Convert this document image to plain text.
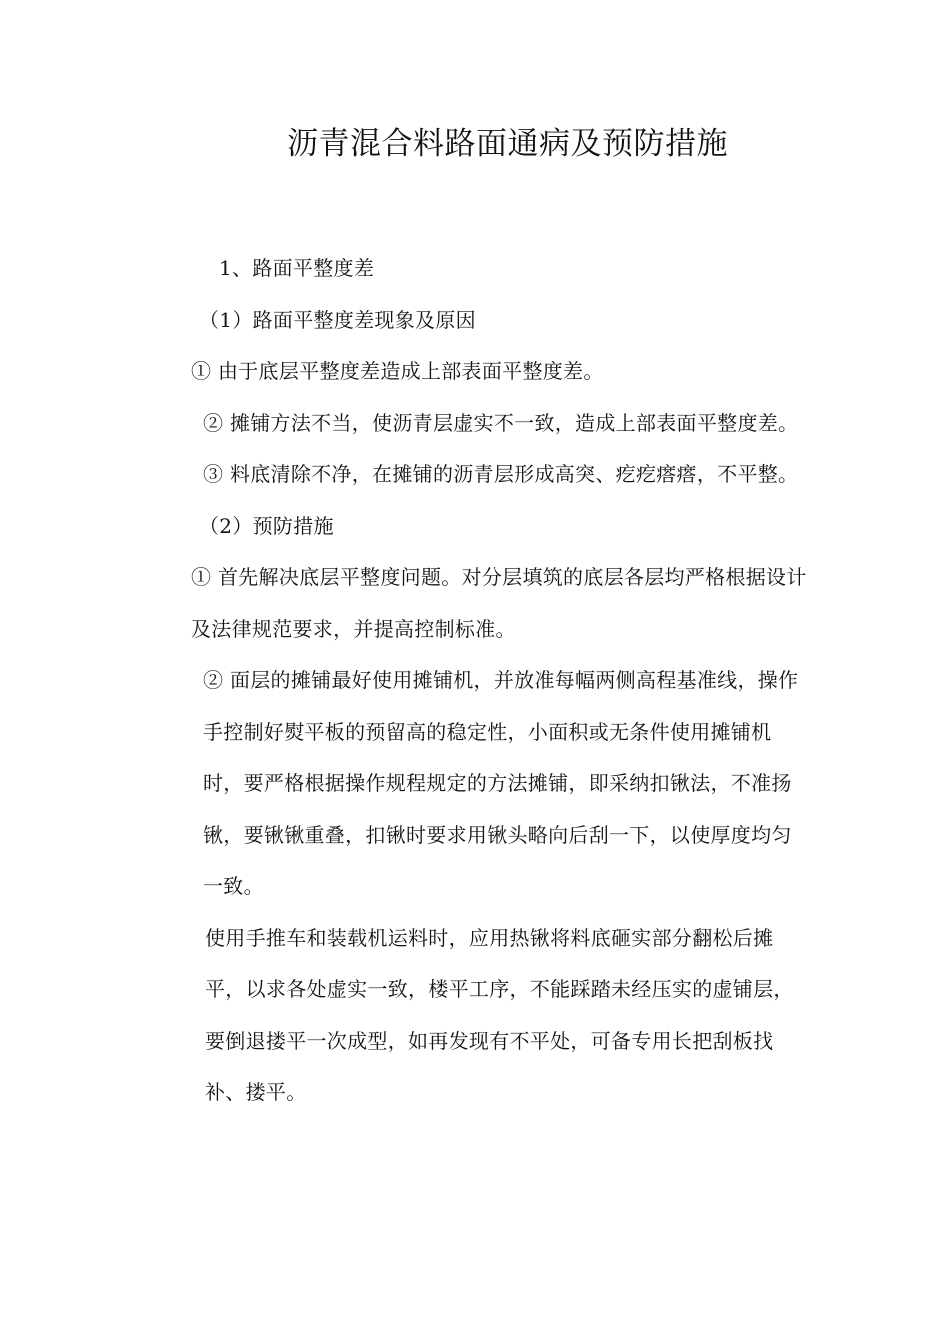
沥青混合料路面通病及预防措施

1、路面平整度差

（1）路面平整度差现象及原因

① 由于底层平整度差造成上部表面平整度差。

② 摊铺方法不当，使沥青层虚实不一致，造成上部表面平整度差。

③ 料底清除不净，在摊铺的沥青层形成高突、疙疙瘩瘩，不平整。

（2）预防措施

① 首先解决底层平整度问题。对分层填筑的底层各层均严格根据设计及法律规范要求，并提高控制标准。

② 面层的摊铺最好使用摊铺机，并放准每幅两侧高程基准线，操作手控制好熨平板的预留高的稳定性，小面积或无条件使用摊铺机时，要严格根据操作规程规定的方法摊铺，即采纳扣锹法，不准扬锹，要锹锹重叠，扣锹时要求用锹头略向后刮一下，以使厚度均匀一致。

使用手推车和装载机运料时，应用热锹将料底砸实部分翻松后摊平，以求各处虚实一致，楼平工序，不能踩踏未经压实的虚铺层，要倒退搂平一次成型，如再发现有不平处，可备专用长把刮板找补、搂平。
